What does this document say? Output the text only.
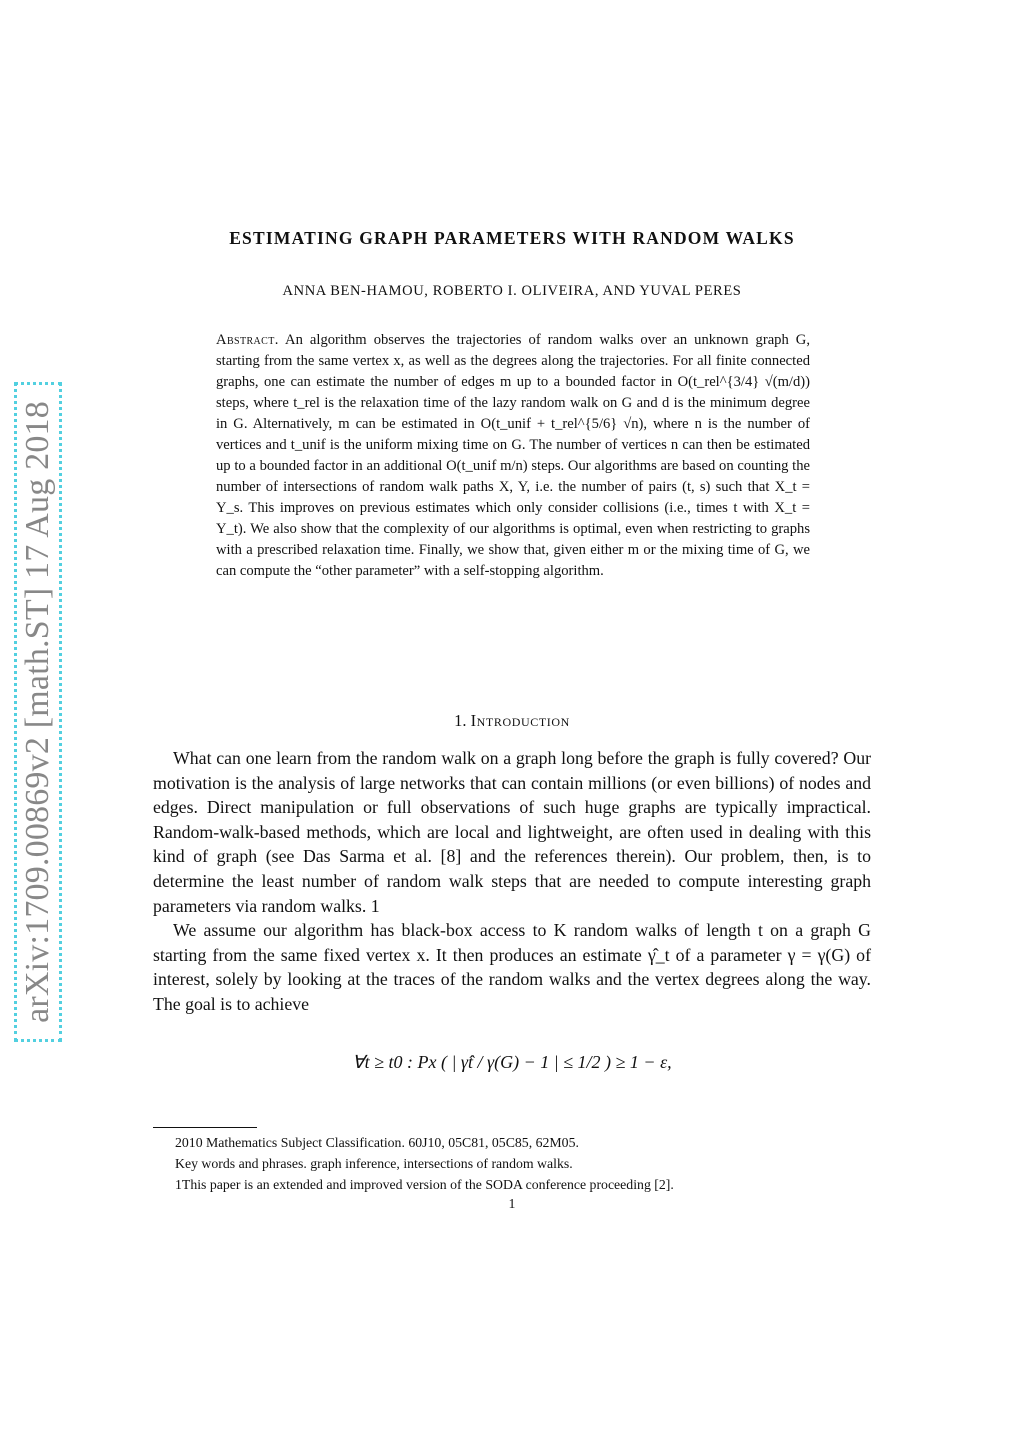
arXiv:1709.00869v2 [math.ST] 17 Aug 2018
ESTIMATING GRAPH PARAMETERS WITH RANDOM WALKS
ANNA BEN-HAMOU, ROBERTO I. OLIVEIRA, AND YUVAL PERES
Abstract. An algorithm observes the trajectories of random walks over an unknown graph G, starting from the same vertex x, as well as the degrees along the trajectories. For all finite connected graphs, one can estimate the number of edges m up to a bounded factor in O(t_rel^{3/4} √(m/d)) steps, where t_rel is the relaxation time of the lazy random walk on G and d is the minimum degree in G. Alternatively, m can be estimated in O(t_unif + t_rel^{5/6} √n), where n is the number of vertices and t_unif is the uniform mixing time on G. The number of vertices n can then be estimated up to a bounded factor in an additional O(t_unif m/n) steps. Our algorithms are based on counting the number of intersections of random walk paths X, Y, i.e. the number of pairs (t, s) such that X_t = Y_s. This improves on previous estimates which only consider collisions (i.e., times t with X_t = Y_t). We also show that the complexity of our algorithms is optimal, even when restricting to graphs with a prescribed relaxation time. Finally, we show that, given either m or the mixing time of G, we can compute the “other parameter” with a self-stopping algorithm.
1. Introduction

What can one learn from the random walk on a graph long before the graph is fully covered? Our motivation is the analysis of large networks that can contain millions (or even billions) of nodes and edges. Direct manipulation or full observations of such huge graphs are typically impractical. Random-walk-based methods, which are local and lightweight, are often used in dealing with this kind of graph (see Das Sarma et al. [8] and the references therein). Our problem, then, is to determine the least number of random walk steps that are needed to compute interesting graph parameters via random walks. 1

We assume our algorithm has black-box access to K random walks of length t on a graph G starting from the same fixed vertex x. It then produces an estimate γ̂_t of a parameter γ = γ(G) of interest, solely by looking at the traces of the random walks and the vertex degrees along the way. The goal is to achieve

∀t ≥ t0 : Px ( | γ̂t / γ(G) − 1 | ≤ 1/2 ) ≥ 1 − ε,
2010 Mathematics Subject Classification. 60J10, 05C81, 05C85, 62M05.
Key words and phrases. graph inference, intersections of random walks.
1This paper is an extended and improved version of the SODA conference proceeding [2].
1
